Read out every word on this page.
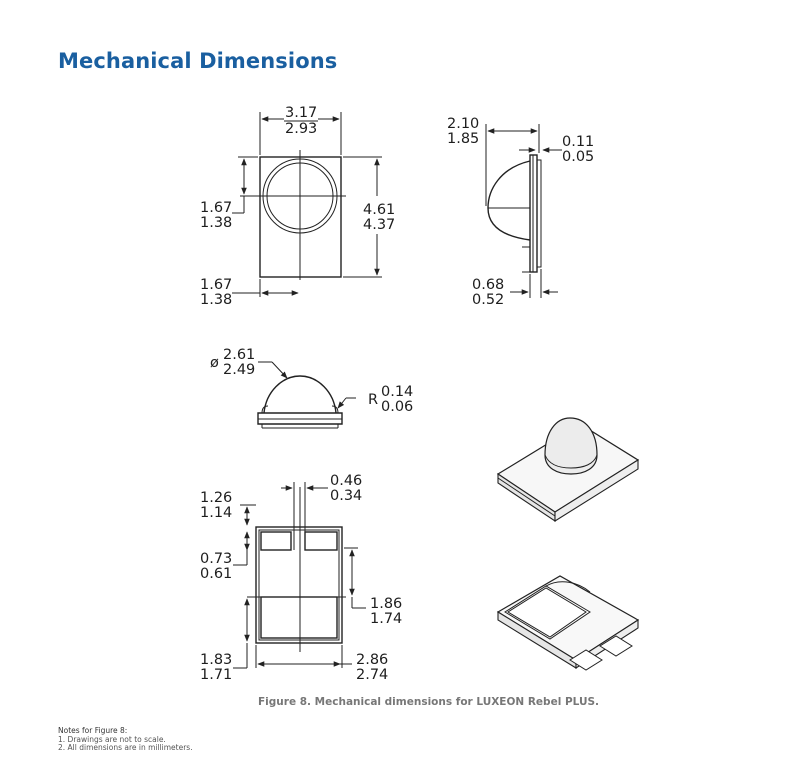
Mechanical Dimensions
3.17
2.93
4.61
4.37
1.67
1.38
1.67
1.38
2.10
1.85	0.11
0.05
0.68
0.52
ø 2.61
2.49
R 0.14
0.06
0.46
0.34
1.26
1.14
0.73
0.61
1.86
1.74
1.83
1.71
2.86
2.74
Figure 8. Mechanical dimensions for LUXEON Rebel PLUS.
Notes for Figure 8:
1. Drawings are not to scale.
2. All dimensions are in millimeters.
